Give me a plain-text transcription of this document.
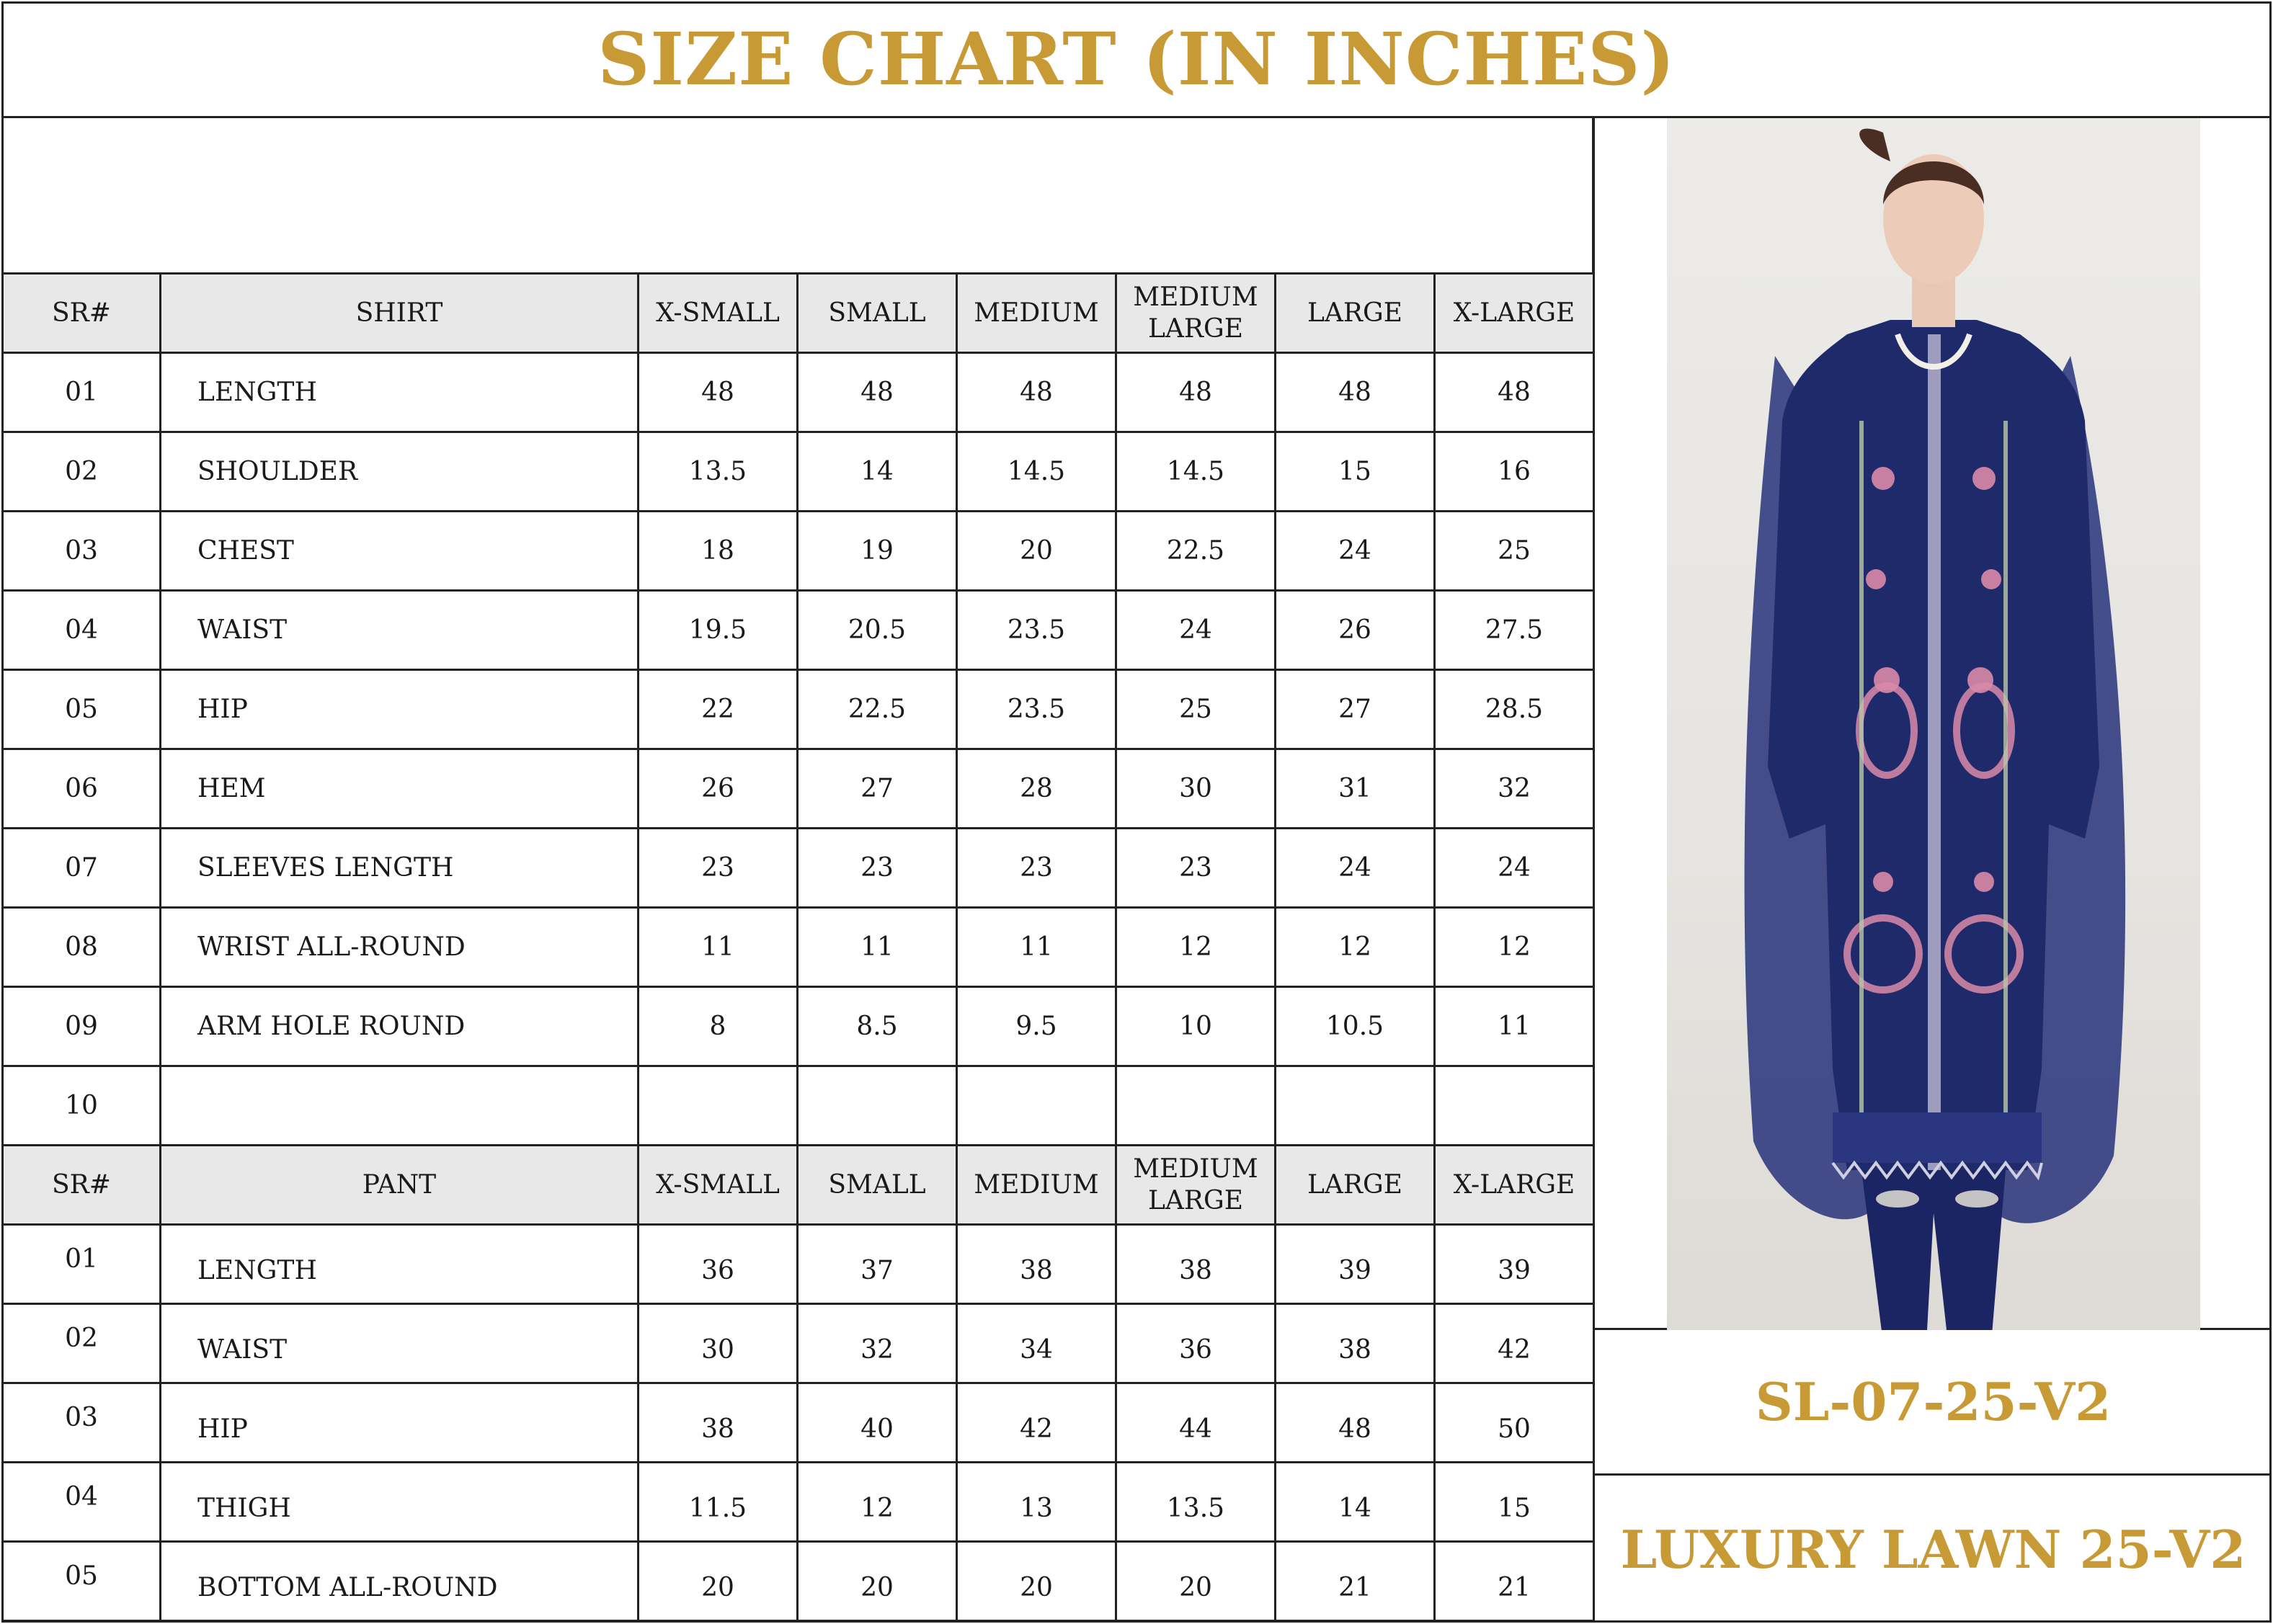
SIZE CHART (IN INCHES)
SR#	SHIRT	X-SMALL	SMALL	MEDIUM	MEDIUM LARGE	LARGE	X-LARGE
01	LENGTH	48	48	48	48	48	48
02	SHOULDER	13.5	14	14.5	14.5	15	16
03	CHEST	18	19	20	22.5	24	25
04	WAIST	19.5	20.5	23.5	24	26	27.5
05	HIP	22	22.5	23.5	25	27	28.5
06	HEM	26	27	28	30	31	32
07	SLEEVES LENGTH	23	23	23	23	24	24
08	WRIST ALL-ROUND	11	11	11	12	12	12
09	ARM HOLE ROUND	8	8.5	9.5	10	10.5	11
10							
SR#	PANT	X-SMALL	SMALL	MEDIUM	MEDIUM LARGE	LARGE	X-LARGE
01	LENGTH	36	37	38	38	39	39
02	WAIST	30	32	34	36	38	42
03	HIP	38	40	42	44	48	50
04	THIGH	11.5	12	13	13.5	14	15
05	BOTTOM ALL-ROUND	20	20	20	20	21	21
SL-07-25-V2
LUXURY LAWN 25-V2
